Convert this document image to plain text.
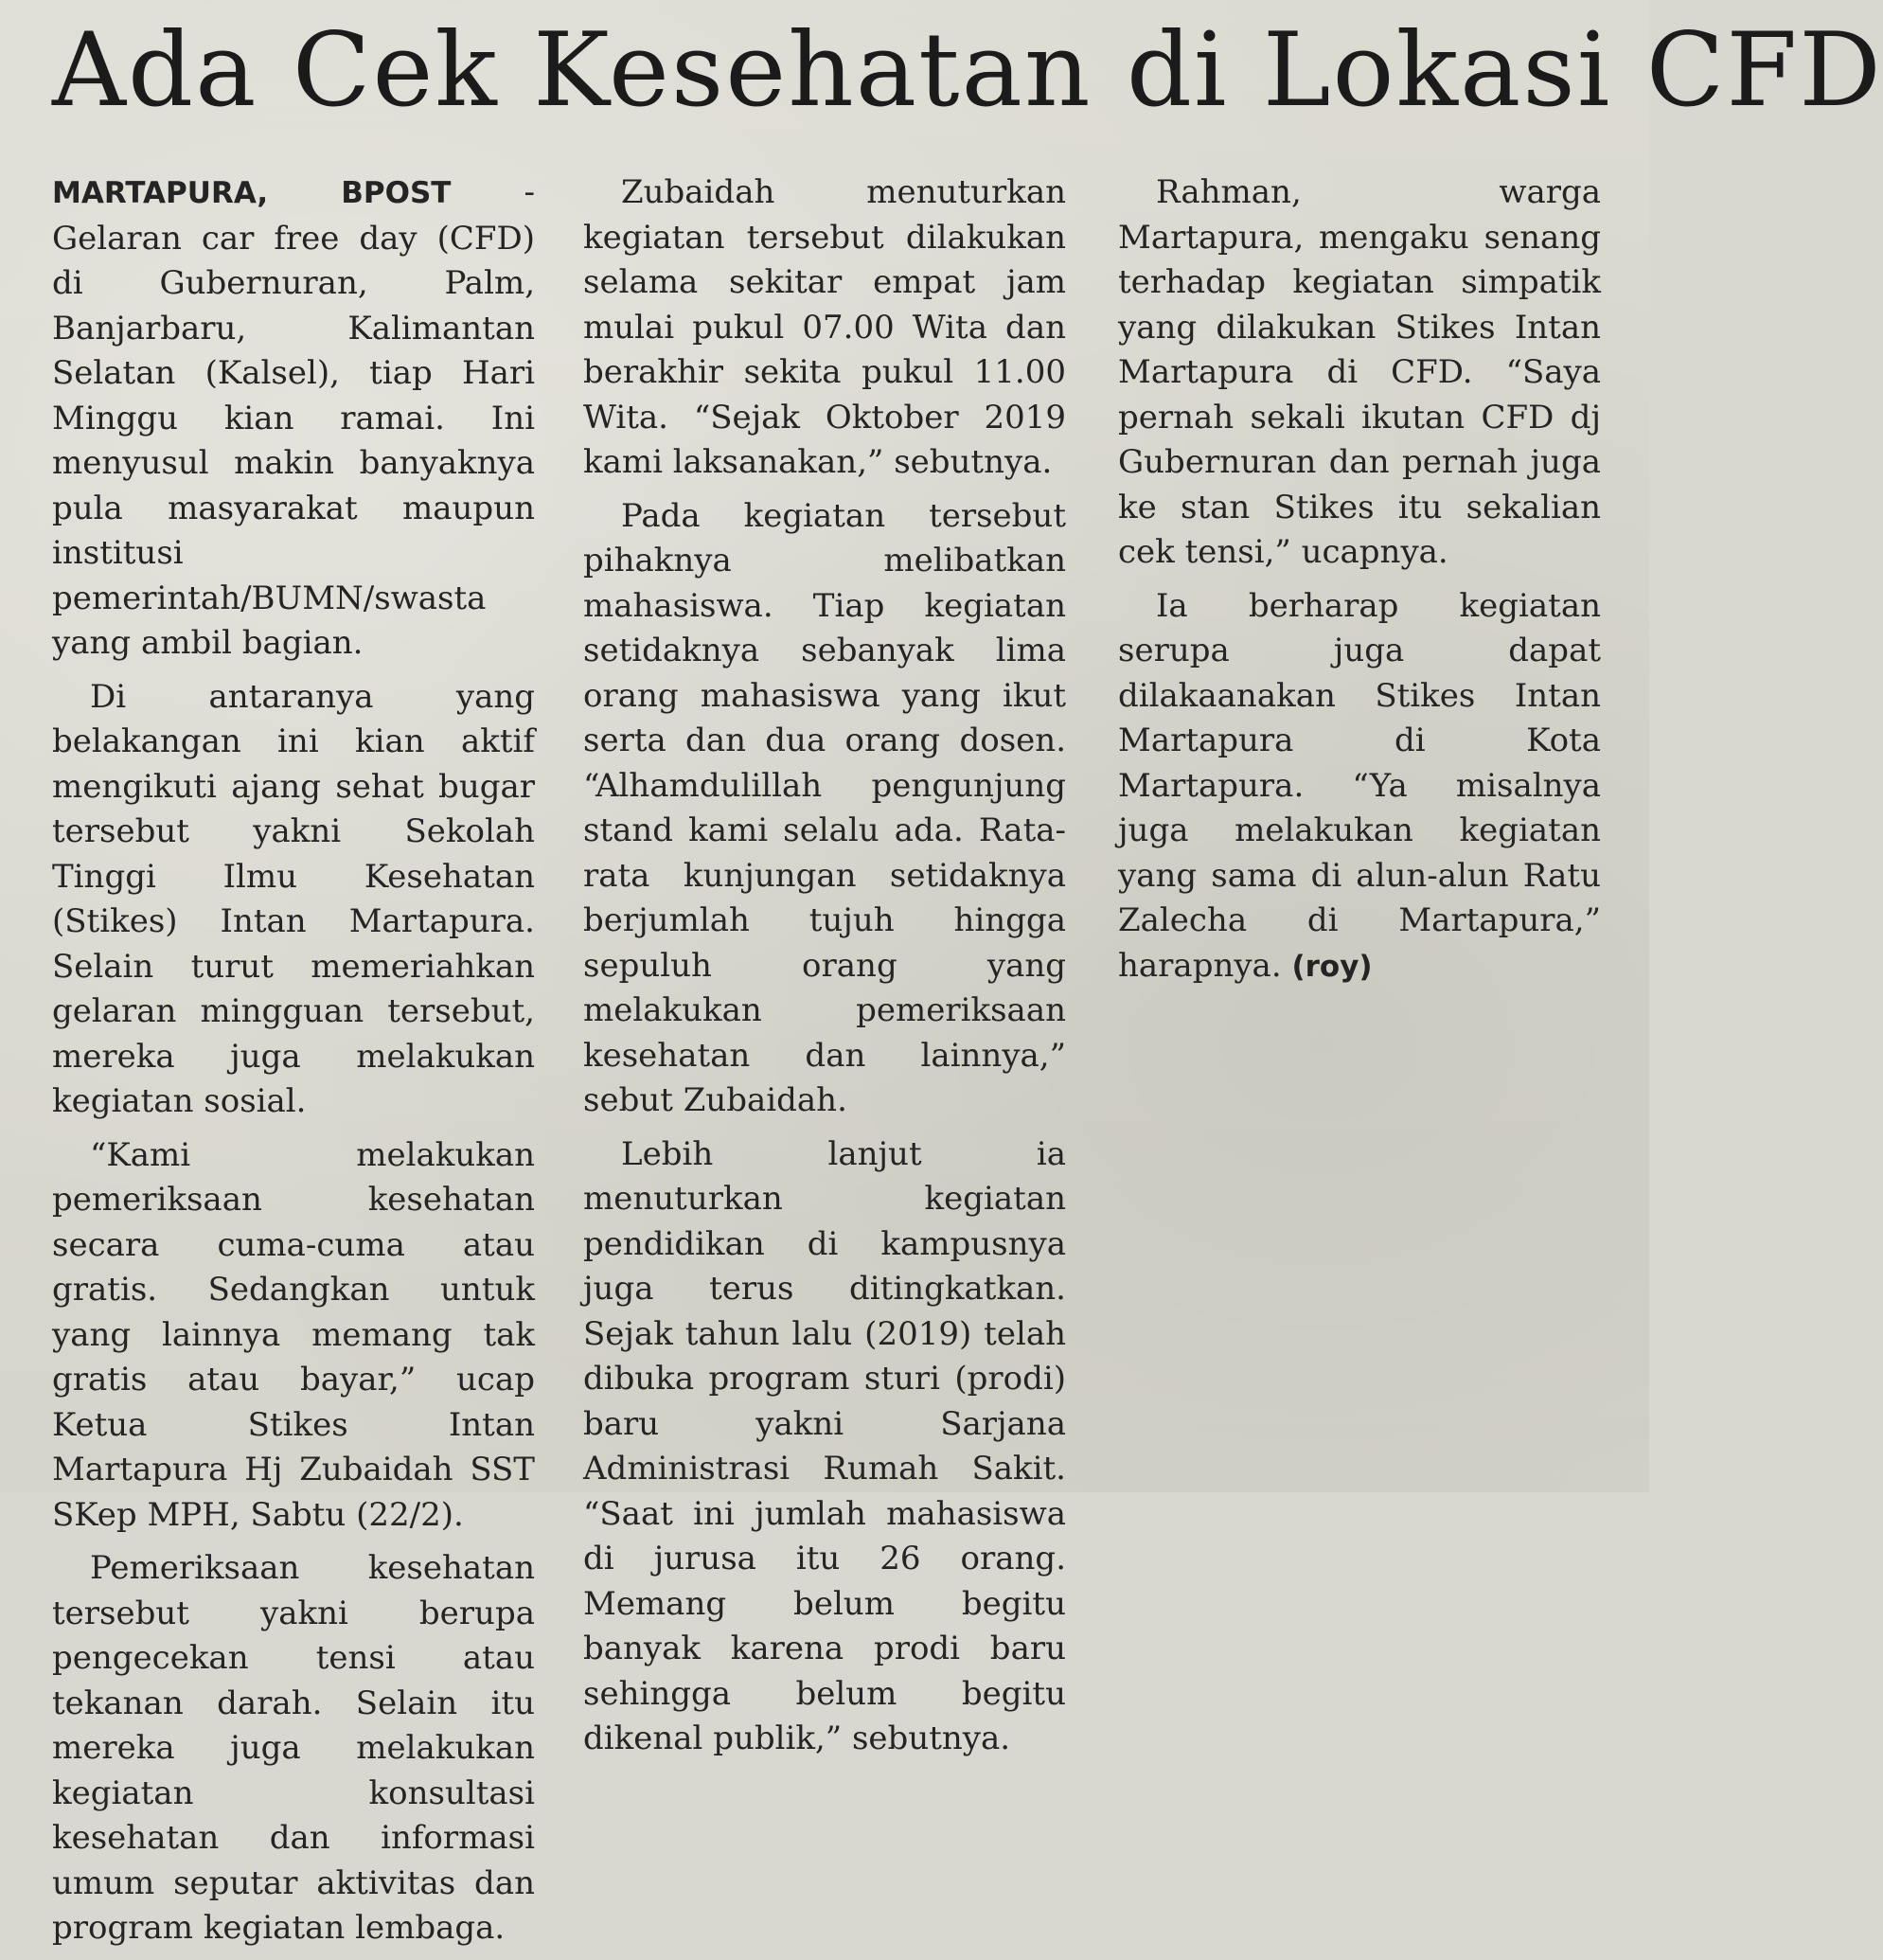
Ada Cek Kesehatan di Lokasi CFD

MARTAPURA, BPOST - Gelaran car free day (CFD) di Gubernuran, Palm, Banjarbaru, Kalimantan Selatan (Kalsel), tiap Hari Minggu kian ramai. Ini menyusul makin banyaknya pula masyarakat maupun institusi pemerintah/BUMN/swasta yang ambil bagian.

Di antaranya yang belakangan ini kian aktif mengikuti ajang sehat bugar tersebut yakni Sekolah Tinggi Ilmu Kesehatan (Stikes) Intan Martapura. Selain turut memeriahkan gelaran mingguan tersebut, mereka juga melakukan kegiatan sosial.

“Kami melakukan pemeriksaan kesehatan secara cuma-cuma atau gratis. Sedangkan untuk yang lainnya memang tak gratis atau bayar,” ucap Ketua Stikes Intan Martapura Hj Zubaidah SST SKep MPH, Sabtu (22/2).

Pemeriksaan kesehatan tersebut yakni berupa pengecekan tensi atau tekanan darah. Selain itu mereka juga melakukan kegiatan konsultasi kesehatan dan informasi umum seputar aktivitas dan program kegiatan lembaga.

Zubaidah menuturkan kegiatan tersebut dilakukan selama sekitar empat jam mulai pukul 07.00 Wita dan berakhir sekita pukul 11.00 Wita. “Sejak Oktober 2019 kami laksanakan,” sebutnya.

Pada kegiatan tersebut pihaknya melibatkan mahasiswa. Tiap kegiatan setidaknya sebanyak lima orang mahasiswa yang ikut serta dan dua orang dosen. “Alhamdulillah pengunjung stand kami selalu ada. Rata-rata kunjungan setidaknya berjumlah tujuh hingga sepuluh orang yang melakukan pemeriksaan kesehatan dan lainnya,” sebut Zubaidah.

Lebih lanjut ia menuturkan kegiatan pendidikan di kampusnya juga terus ditingkatkan. Sejak tahun lalu (2019) telah dibuka program sturi (prodi) baru yakni Sarjana Administrasi Rumah Sakit. “Saat ini jumlah mahasiswa di jurusa itu 26 orang. Memang belum begitu banyak karena prodi baru sehingga belum begitu dikenal publik,” sebutnya.

Rahman, warga Martapura, mengaku senang terhadap kegiatan simpatik yang dilakukan Stikes Intan Martapura di CFD. “Saya pernah sekali ikutan CFD dj Gubernuran dan pernah juga ke stan Stikes itu sekalian cek tensi,” ucapnya.

Ia berharap kegiatan serupa juga dapat dilakaanakan Stikes Intan Martapura di Kota Martapura. “Ya misalnya juga melakukan kegiatan yang sama di alun-alun Ratu Zalecha di Martapura,” harapnya. (roy)
